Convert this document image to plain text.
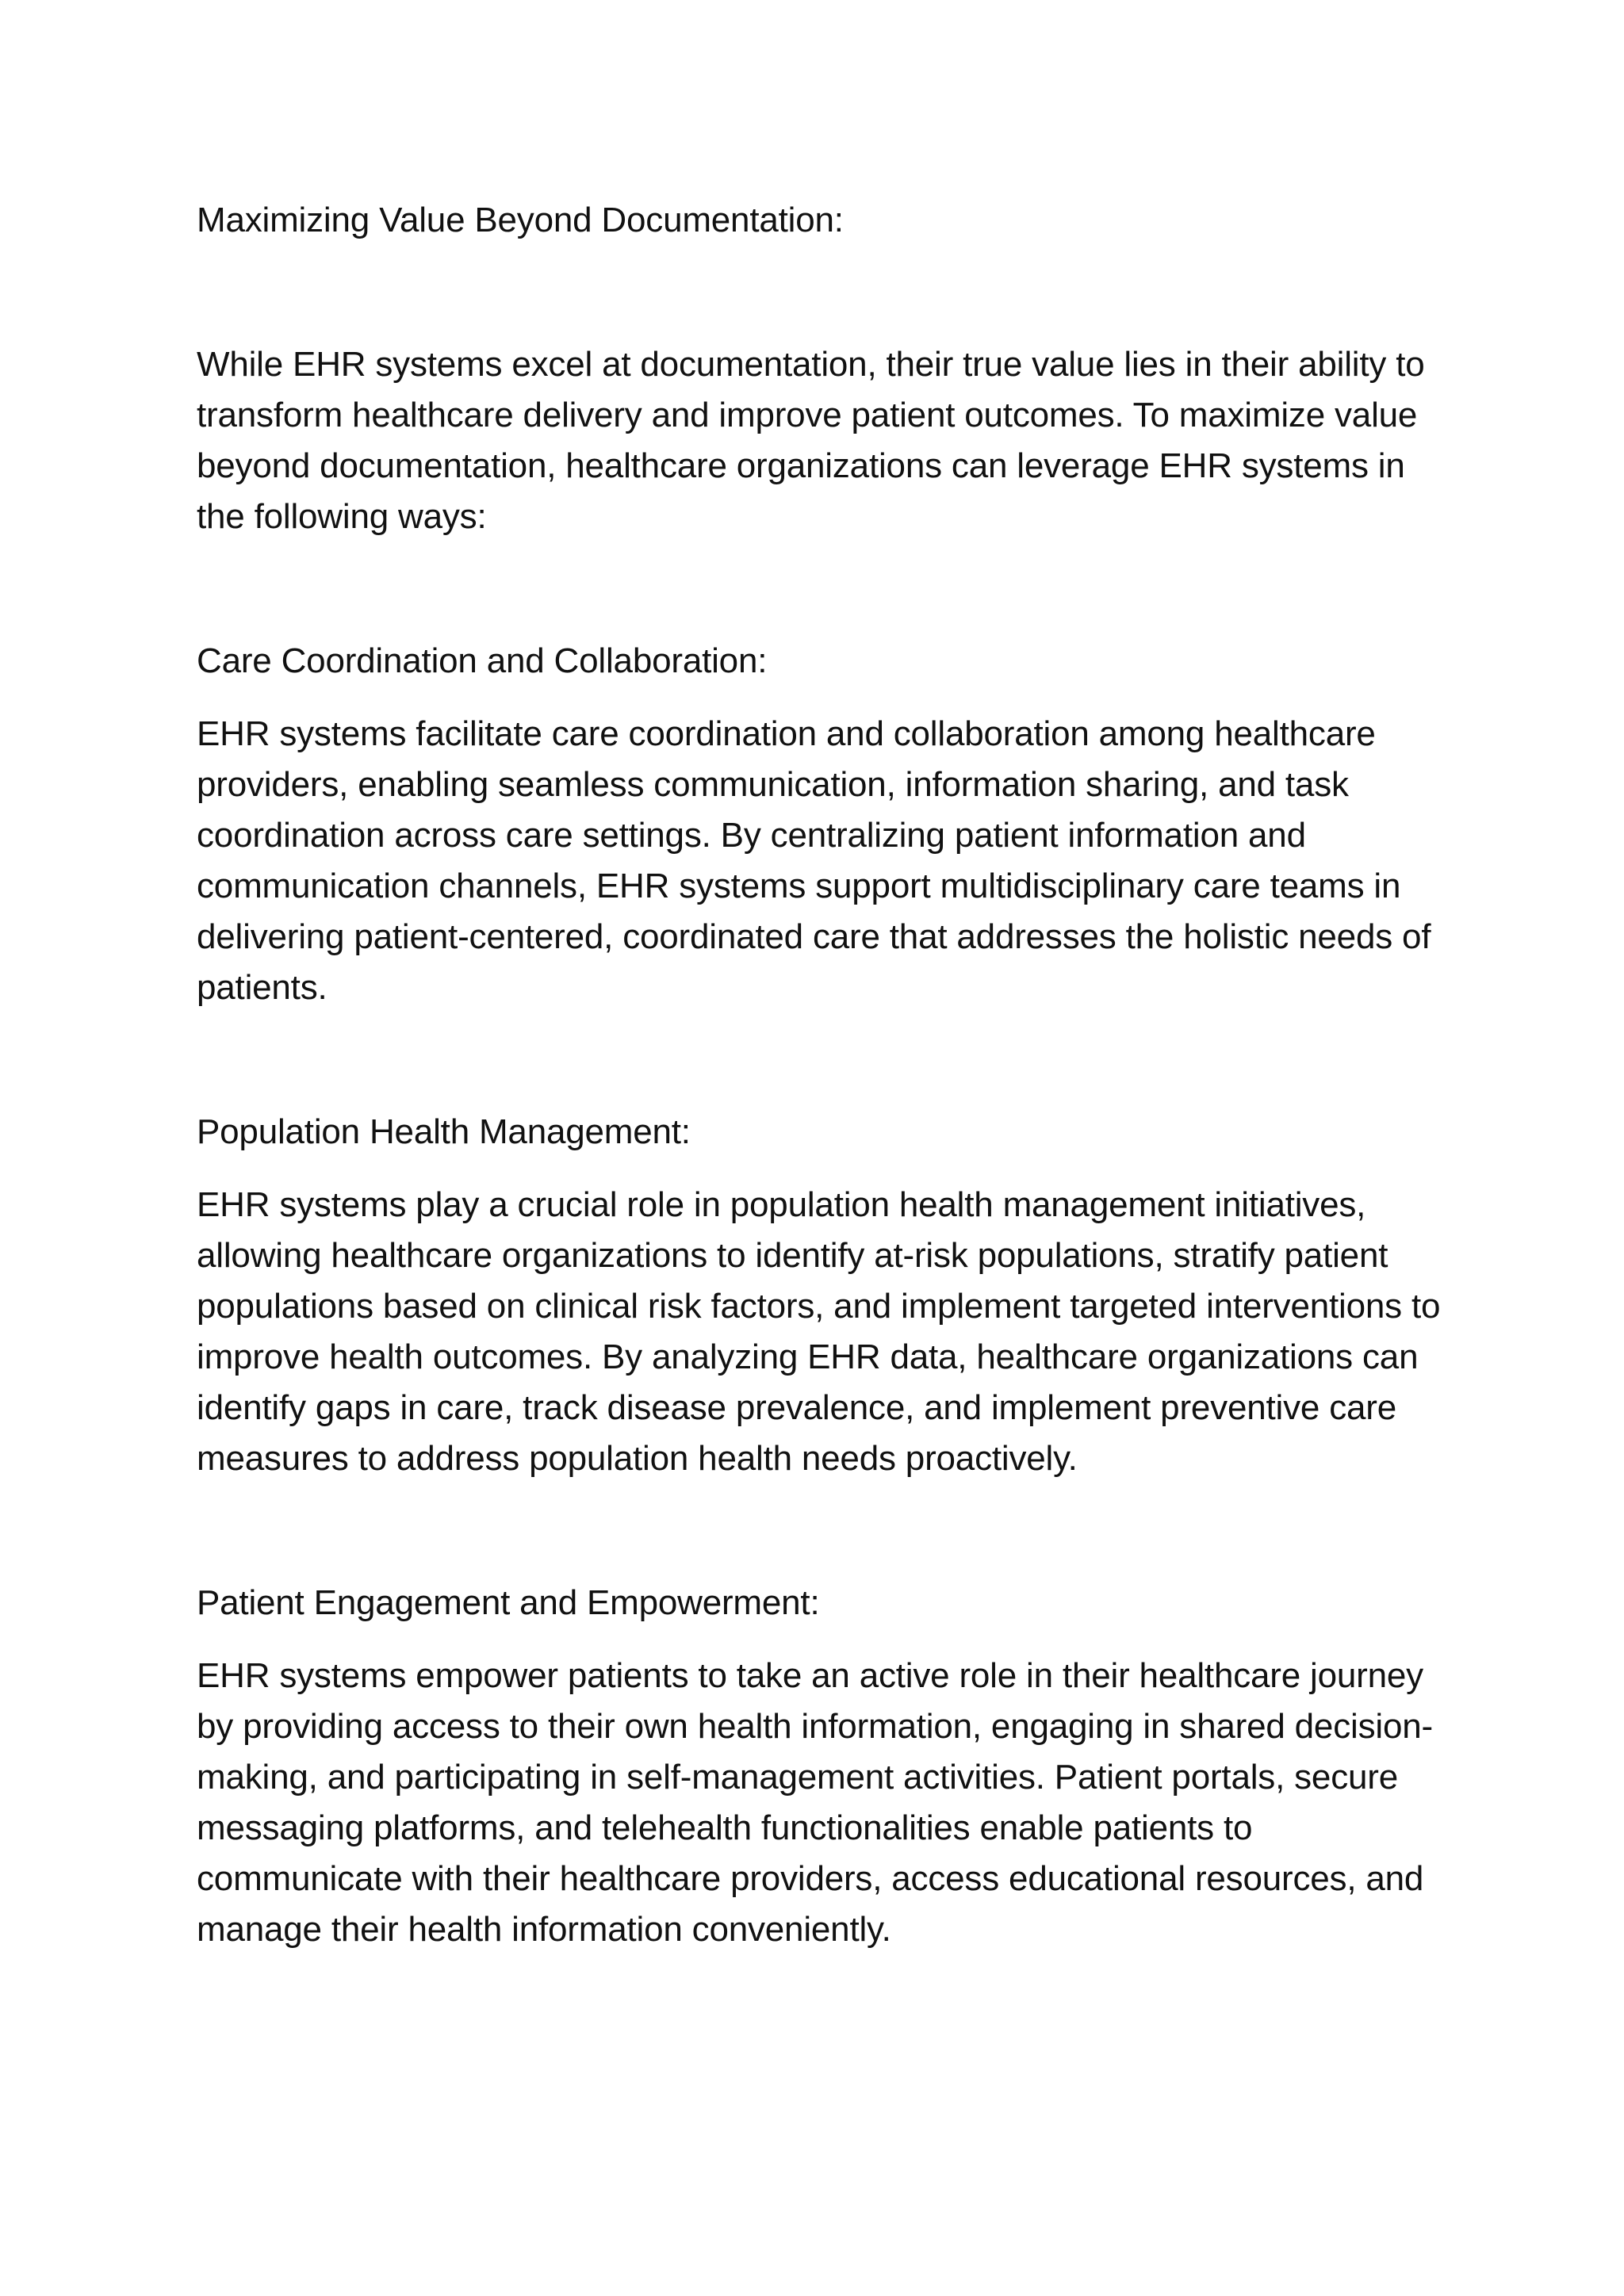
Maximizing Value Beyond Documentation:

While EHR systems excel at documentation, their true value lies in their ability to transform healthcare delivery and improve patient outcomes. To maximize value beyond documentation, healthcare organizations can leverage EHR systems in the following ways:

Care Coordination and Collaboration:

EHR systems facilitate care coordination and collaboration among healthcare providers, enabling seamless communication, information sharing, and task coordination across care settings. By centralizing patient information and communication channels, EHR systems support multidisciplinary care teams in delivering patient-centered, coordinated care that addresses the holistic needs of patients.

Population Health Management:

EHR systems play a crucial role in population health management initiatives, allowing healthcare organizations to identify at-risk populations, stratify patient populations based on clinical risk factors, and implement targeted interventions to improve health outcomes. By analyzing EHR data, healthcare organizations can identify gaps in care, track disease prevalence, and implement preventive care measures to address population health needs proactively.

Patient Engagement and Empowerment:

EHR systems empower patients to take an active role in their healthcare journey by providing access to their own health information, engaging in shared decision-making, and participating in self-management activities. Patient portals, secure messaging platforms, and telehealth functionalities enable patients to communicate with their healthcare providers, access educational resources, and manage their health information conveniently.
